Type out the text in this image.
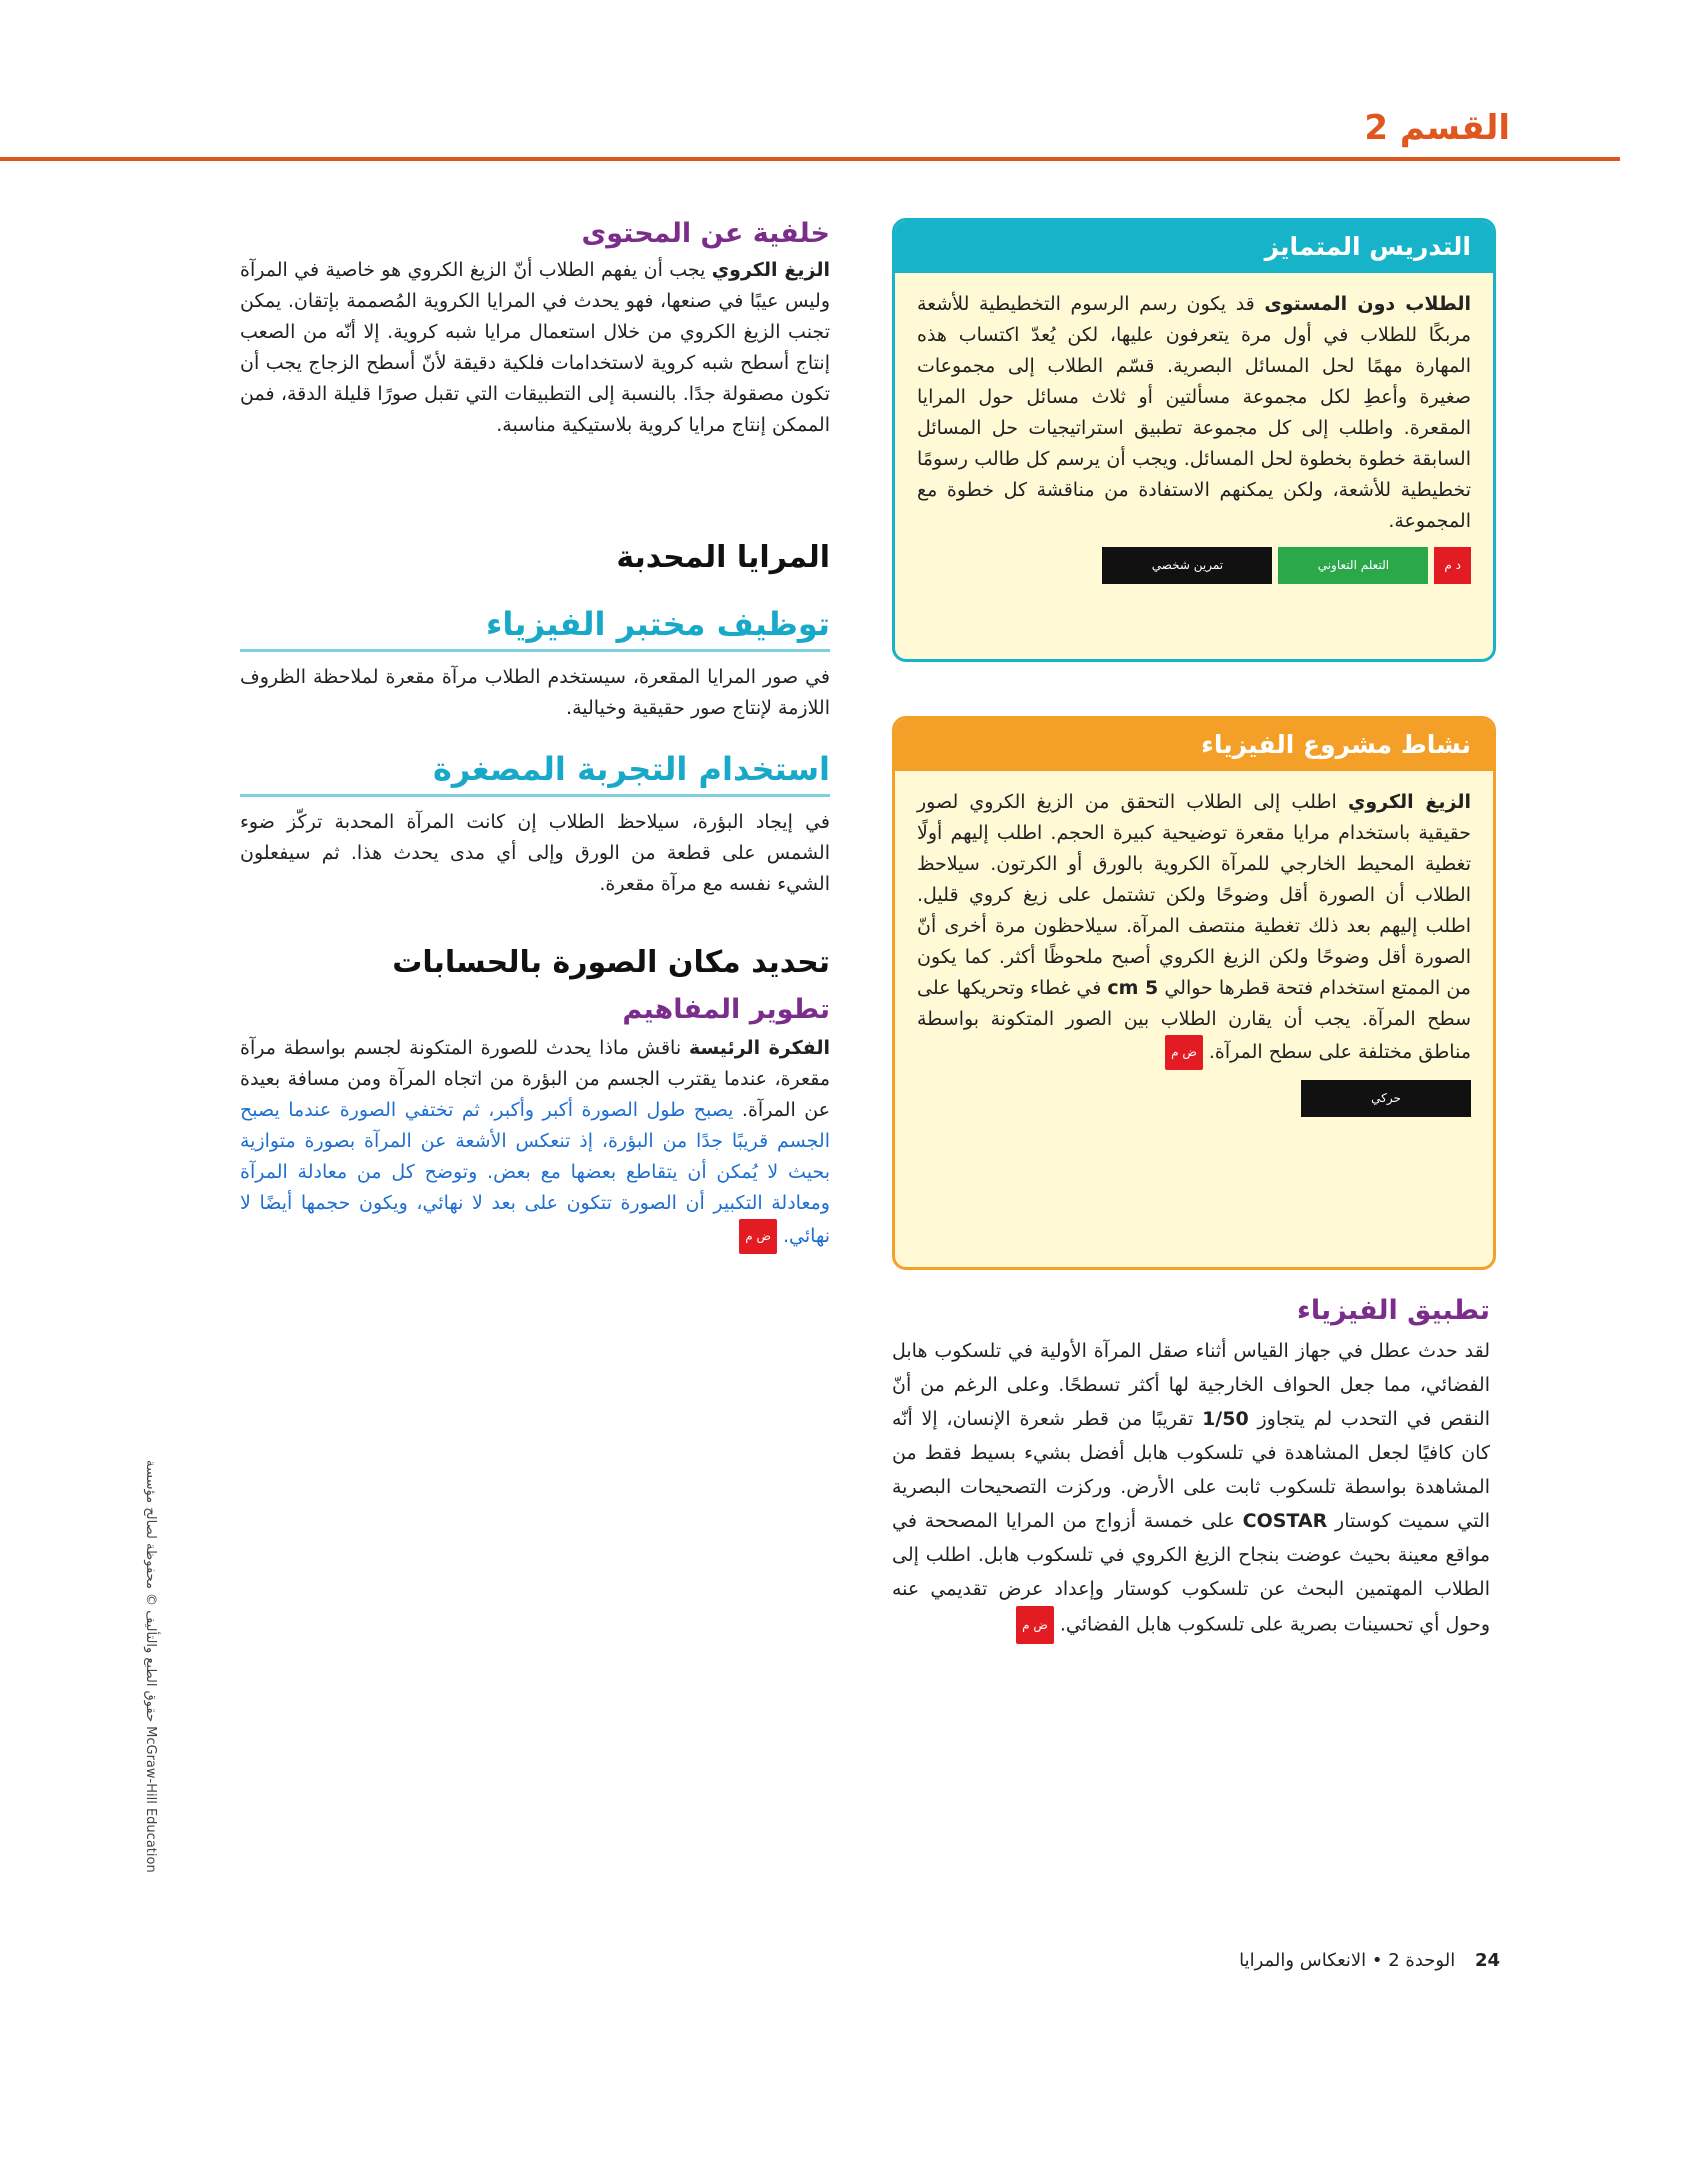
القسم 2
خلفية عن المحتوى
الزيغ الكروي يجب أن يفهم الطلاب أنّ الزيغ الكروي هو خاصية في المرآة وليس عيبًا في صنعها، فهو يحدث في المرايا الكروية المُصممة بإتقان. يمكن تجنب الزيغ الكروي من خلال استعمال مرايا شبه كروية. إلا أنّه من الصعب إنتاج أسطح شبه كروية لاستخدامات فلكية دقيقة لأنّ أسطح الزجاج يجب أن تكون مصقولة جدًا. بالنسبة إلى التطبيقات التي تقبل صورًا قليلة الدقة، فمن الممكن إنتاج مرايا كروية بلاستيكية مناسبة.
المرايا المحدبة
توظيف مختبر الفيزياء
في صور المرايا المقعرة، سيستخدم الطلاب مرآة مقعرة لملاحظة الظروف اللازمة لإنتاج صور حقيقية وخيالية.
استخدام التجربة المصغرة
في إيجاد البؤرة، سيلاحظ الطلاب إن كانت المرآة المحدبة تركّز ضوء الشمس على قطعة من الورق وإلى أي مدى يحدث هذا. ثم سيفعلون الشيء نفسه مع مرآة مقعرة.
تحديد مكان الصورة بالحسابات
تطوير المفاهيم
الفكرة الرئيسة ناقش ماذا يحدث للصورة المتكونة لجسم بواسطة مرآة مقعرة، عندما يقترب الجسم من البؤرة من اتجاه المرآة ومن مسافة بعيدة عن المرآة. يصبح طول الصورة أكبر وأكبر، ثم تختفي الصورة عندما يصبح الجسم قريبًا جدًا من البؤرة، إذ تنعكس الأشعة عن المرآة بصورة متوازية بحيث لا يُمكن أن يتقاطع بعضها مع بعض. وتوضح كل من معادلة المرآة ومعادلة التكبير أن الصورة تتكون على بعد لا نهائي، ويكون حجمها أيضًا لا نهائي.ض م
التدريس المتمايز
الطلاب دون المستوى قد يكون رسم الرسوم التخطيطية للأشعة مربكًا للطلاب في أول مرة يتعرفون عليها، لكن يُعدّ اكتساب هذه المهارة مهمًا لحل المسائل البصرية. قسّم الطلاب إلى مجموعات صغيرة وأعطِ لكل مجموعة مسألتين أو ثلاث مسائل حول المرايا المقعرة. واطلب إلى كل مجموعة تطبيق استراتيجيات حل المسائل السابقة خطوة بخطوة لحل المسائل. ويجب أن يرسم كل طالب رسومًا تخطيطية للأشعة، ولكن يمكنهم الاستفادة من مناقشة كل خطوة مع المجموعة.
د م
التعلم التعاوني
تمرين شخصي
نشاط مشروع الفيزياء
الزيغ الكروي اطلب إلى الطلاب التحقق من الزيغ الكروي لصور حقيقية باستخدام مرايا مقعرة توضيحية كبيرة الحجم. اطلب إليهم أولًا تغطية المحيط الخارجي للمرآة الكروية بالورق أو الكرتون. سيلاحظ الطلاب أن الصورة أقل وضوحًا ولكن تشتمل على زيغ كروي قليل. اطلب إليهم بعد ذلك تغطية منتصف المرآة. سيلاحظون مرة أخرى أنّ الصورة أقل وضوحًا ولكن الزيغ الكروي أصبح ملحوظًا أكثر. كما يكون من الممتع استخدام فتحة قطرها حوالي 5 cm في غطاء وتحريكها على سطح المرآة. يجب أن يقارن الطلاب بين الصور المتكونة بواسطة مناطق مختلفة على سطح المرآة.ض م
حركي
تطبيق الفيزياء
لقد حدث عطل في جهاز القياس أثناء صقل المرآة الأولية في تلسكوب هابل الفضائي، مما جعل الحواف الخارجية لها أكثر تسطحًا. وعلى الرغم من أنّ النقص في التحدب لم يتجاوز 1/50 تقريبًا من قطر شعرة الإنسان، إلا أنّه كان كافيًا لجعل المشاهدة في تلسكوب هابل أفضل بشيء بسيط فقط من المشاهدة بواسطة تلسكوب ثابت على الأرض. وركزت التصحيحات البصرية التي سميت كوستار COSTAR على خمسة أزواج من المرايا المصححة في مواقع معينة بحيث عوضت بنجاح الزيغ الكروي في تلسكوب هابل. اطلب إلى الطلاب المهتمين البحث عن تلسكوب كوستار وإعداد عرض تقديمي عنه وحول أي تحسينات بصرية على تلسكوب هابل الفضائي.ض م
حقوق الطبع والتأليف © محفوظة لصالح مؤسسة McGraw-Hill Education
24 الوحدة 2 • الانعكاس والمرايا
